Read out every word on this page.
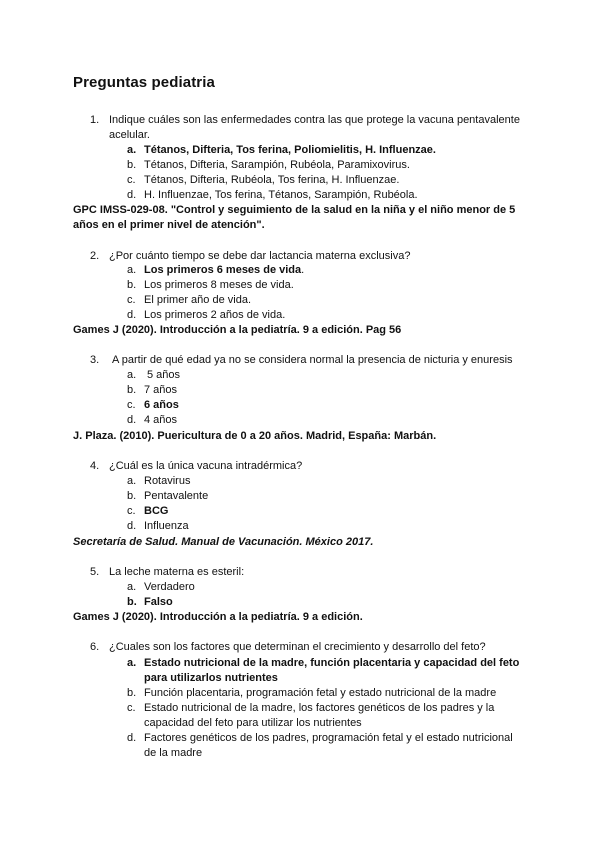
Preguntas pediatria
1. Indique cuáles son las enfermedades contra las que protege la vacuna pentavalente acelular.
a. Tétanos, Difteria, Tos ferina, Poliomielitis, H. Influenzae.
b. Tétanos, Difteria, Sarampión, Rubéola, Paramixovirus.
c. Tétanos, Difteria, Rubéola, Tos ferina, H. Influenzae.
d. H. Influenzae, Tos ferina, Tétanos, Sarampión, Rubéola.
GPC IMSS-029-08. "Control y seguimiento de la salud en la niña y el niño menor de 5 años en el primer nivel de atención".
2. ¿Por cuánto tiempo se debe dar lactancia materna exclusiva?
a. Los primeros 6 meses de vida.
b. Los primeros 8 meses de vida.
c. El primer año de vida.
d. Los primeros 2 años de vida.
Games J (2020). Introducción a la pediatría. 9 a edición. Pag 56
3.	A partir de qué edad ya no se considera normal la presencia de nicturia y enuresis
a. 5 años
b. 7 años
c. 6 años
d. 4 años
J. Plaza. (2010). Puericultura de 0 a 20 años. Madrid, España: Marbán.
4. ¿Cuál es la única vacuna intradérmica?
a. Rotavirus
b. Pentavalente
c. BCG
d. Influenza
Secretaría de Salud. Manual de Vacunación. México 2017.
5. La leche materna es esteril:
a. Verdadero
b. Falso
Games J (2020). Introducción a la pediatría. 9 a edición.
6. ¿Cuales son los factores que determinan el crecimiento y desarrollo del feto?
a. Estado nutricional de la madre, función placentaria y capacidad del feto para utilizarlos nutrientes
b. Función placentaria, programación fetal y estado nutricional de la madre
c. Estado nutricional de la madre, los factores genéticos de los padres y la capacidad del feto para utilizar los nutrientes
d. Factores genéticos de los padres, programación fetal y el estado nutricional de la madre
